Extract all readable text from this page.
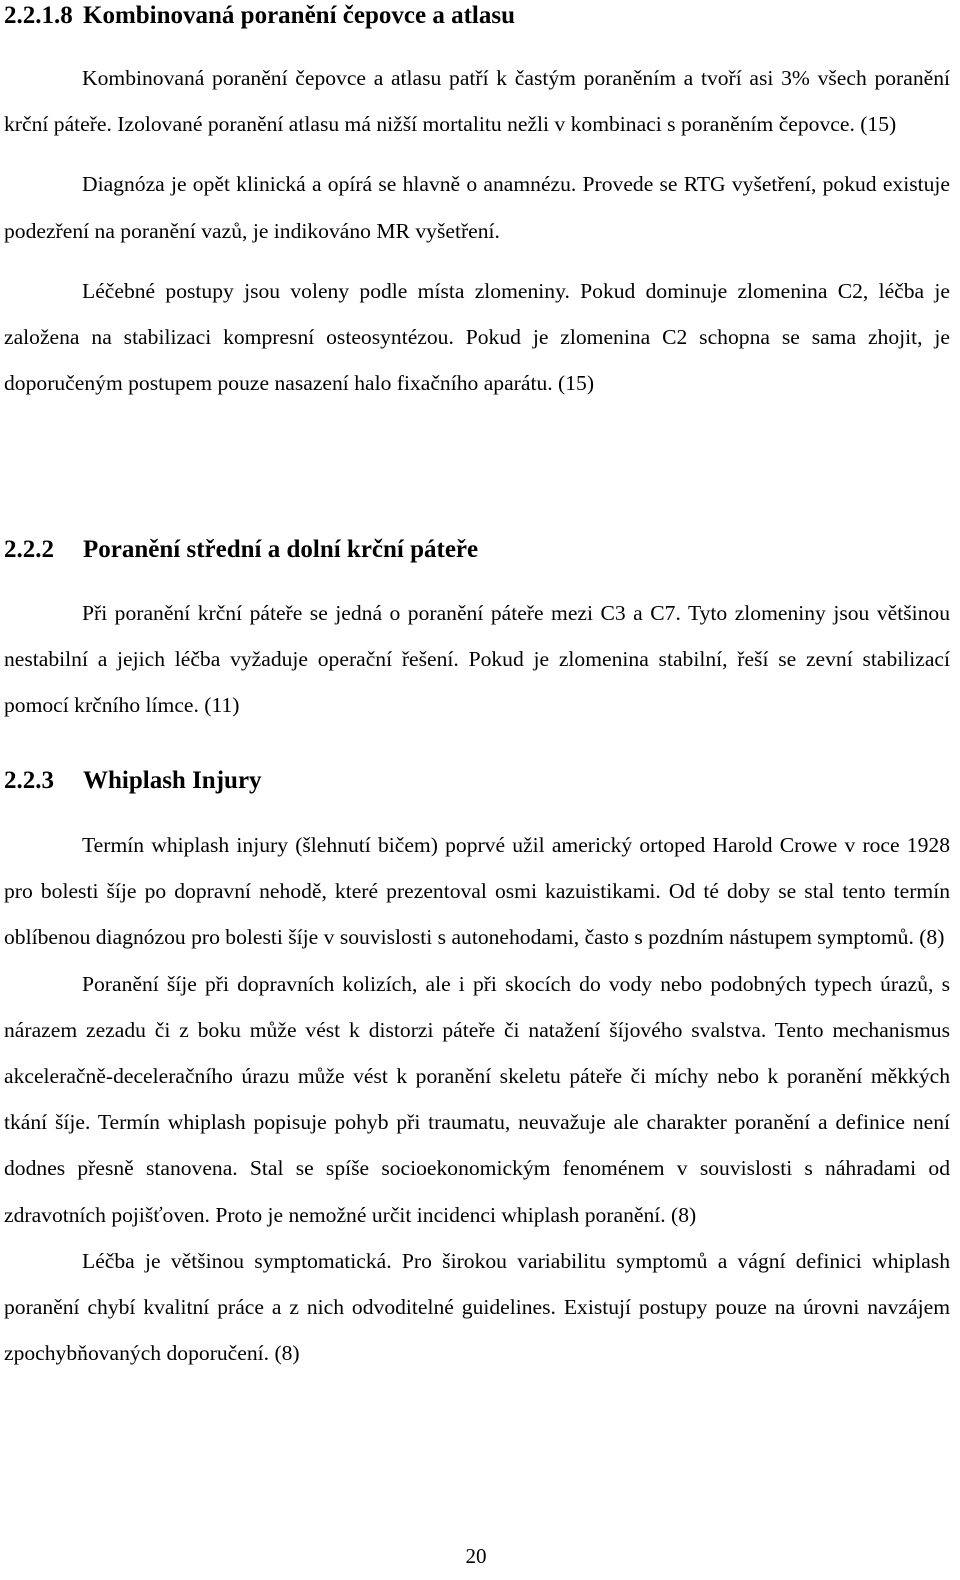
2.2.1.8 Kombinovaná poranění čepovce a atlasu

Kombinovaná poranění čepovce a atlasu patří k častým poraněním a tvoří asi 3% všech poranění krční páteře. Izolované poranění atlasu má nižší mortalitu nežli v kombinaci s poraněním čepovce. (15)

Diagnóza je opět klinická a opírá se hlavně o anamnézu. Provede se RTG vyšetření, pokud existuje podezření na poranění vazů, je indikováno MR vyšetření.

Léčebné postupy jsou voleny podle místa zlomeniny. Pokud dominuje zlomenina C2, léčba je založena na stabilizaci kompresní osteosyntézou. Pokud je zlomenina C2 schopna se sama zhojit, je doporučeným postupem pouze nasazení halo fixačního aparátu. (15)

2.2.2	Poranění střední a dolní krční páteře

Při poranění krční páteře se jedná o poranění páteře mezi C3 a C7. Tyto zlomeniny jsou většinou nestabilní a jejich léčba vyžaduje operační řešení. Pokud je zlomenina stabilní, řeší se zevní stabilizací pomocí krčního límce. (11)

2.2.3	Whiplash Injury

Termín whiplash injury (šlehnutí bičem) poprvé užil americký ortoped Harold Crowe v roce 1928 pro bolesti šíje po dopravní nehodě, které prezentoval osmi kazuistikami. Od té doby se stal tento termín oblíbenou diagnózou pro bolesti šíje v souvislosti s autonehodami, často s pozdním nástupem symptomů. (8)

Poranění šíje při dopravních kolizích, ale i při skocích do vody nebo podobných typech úrazů, s nárazem zezadu či z boku může vést k distorzi páteře či natažení šíjového svalstva. Tento mechanismus akceleračně-deceleračního úrazu může vést k poranění skeletu páteře či míchy nebo k poranění měkkých tkání šíje. Termín whiplash popisuje pohyb při traumatu, neuvažuje ale charakter poranění a definice není dodnes přesně stanovena. Stal se spíše socioekonomickým fenoménem v souvislosti s náhradami od zdravotních pojišťoven. Proto je nemožné určit incidenci whiplash poranění. (8)

Léčba je většinou symptomatická. Pro širokou variabilitu symptomů a vágní definici whiplash poranění chybí kvalitní práce a z nich odvoditelné guidelines. Existují postupy pouze na úrovni navzájem zpochybňovaných doporučení. (8)

20
